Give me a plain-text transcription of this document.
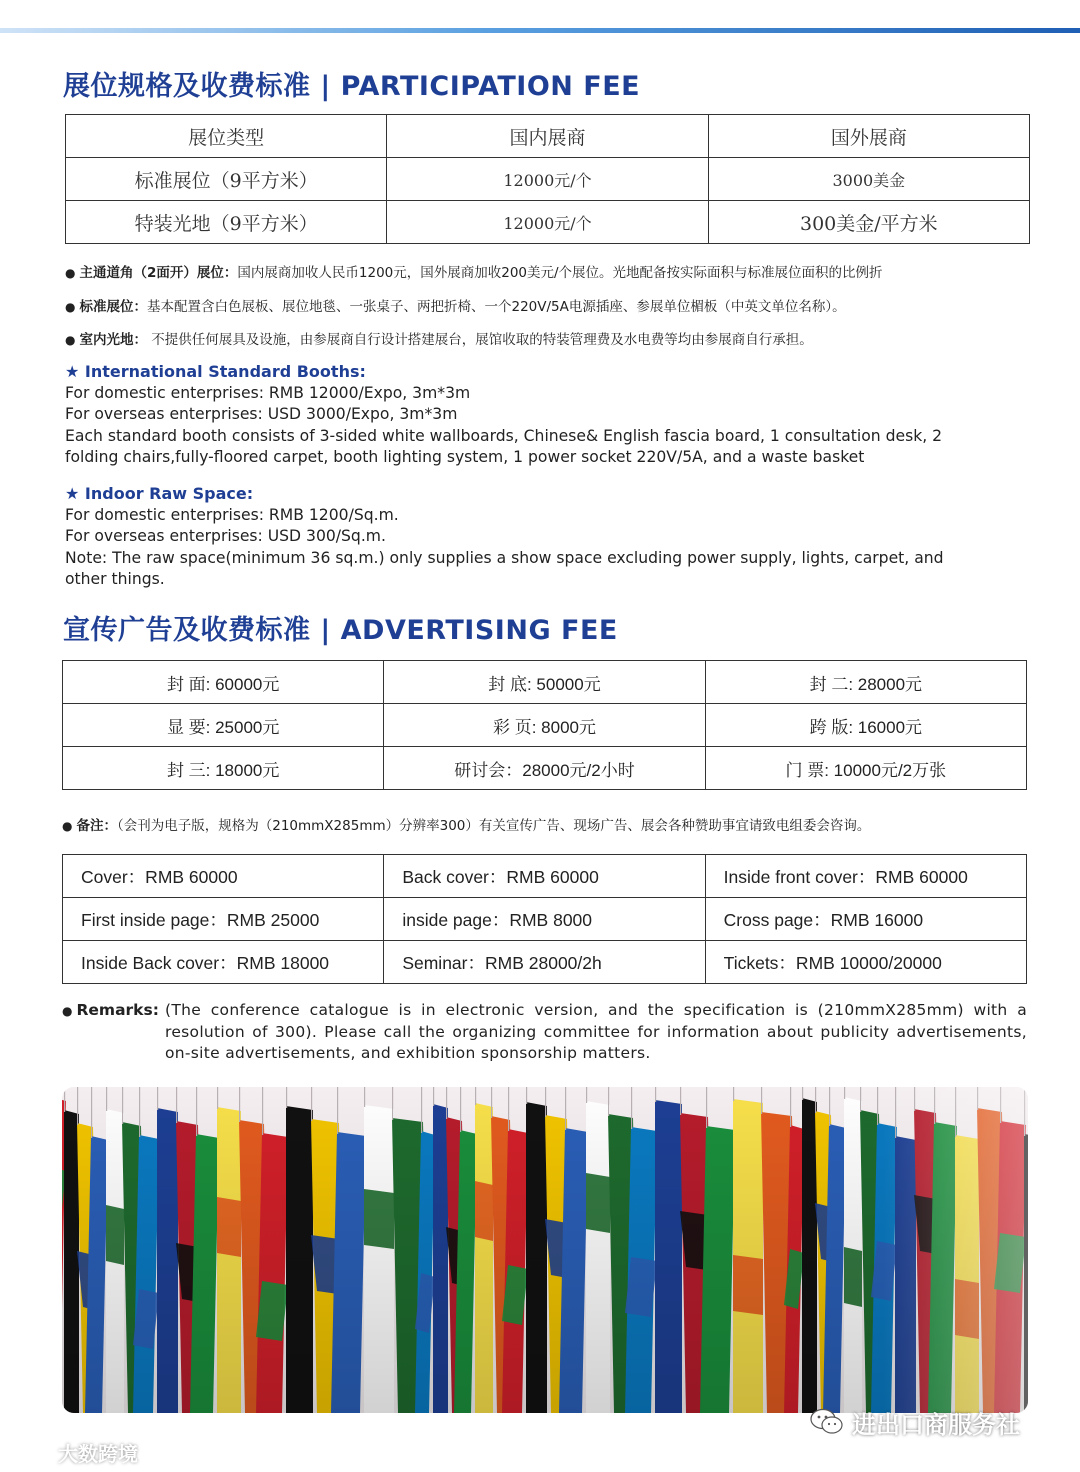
展位规格及收费标准 | PARTICIPATION FEE
展位类型	国内展商	国外展商
标准展位（9平方米）	12000元/个	3000美金
特装光地（9平方米）	12000元/个	300美金/平方米

● 主通道角（2面开）展位：国内展商加收人民币1200元，国外展商加收200美元/个展位。光地配备按实际面积与标准展位面积的比例折

● 标准展位：基本配置含白色展板、展位地毯、一张桌子、两把折椅、一个220V/5A电源插座、参展单位楣板（中英文单位名称）。

● 室内光地： 不提供任何展具及设施，由参展商自行设计搭建展台，展馆收取的特装管理费及水电费等均由参展商自行承担。

★ International Standard Booths:

For domestic enterprises: RMB 12000/Expo, 3m*3m

For overseas enterprises: USD 3000/Expo, 3m*3m

Each standard booth consists of 3-sided white wallboards, Chinese& English fascia board, 1 consultation desk, 2

folding chairs,fully-floored carpet, booth lighting system, 1 power socket 220V/5A, and a waste basket

★ Indoor Raw Space:

For domestic enterprises: RMB 1200/Sq.m.

For overseas enterprises: USD 300/Sq.m.

Note: The raw space(minimum 36 sq.m.) only supplies a show space excluding power supply, lights, carpet, and

other things.

宣传广告及收费标准 | ADVERTISING FEE
封 面: 60000元	封 底: 50000元	封 二: 28000元
显 要: 25000元	彩 页: 8000元	跨 版: 16000元
封 三: 18000元	研讨会：28000元/2小时	门 票: 10000元/2万张

● 备注：（会刊为电子版，规格为（210mmX285mm）分辨率300）有关宣传广告、现场广告、展会各种赞助事宜请致电组委会咨询。

Cover：RMB 60000	Back cover：RMB 60000	Inside front cover：RMB 60000
First inside page：RMB 25000	inside page：RMB 8000	Cross page：RMB 16000
Inside Back cover：RMB 18000	Seminar：RMB 28000/2h	Tickets：RMB 10000/20000
● Remarks: (The conference catalogue is in electronic version, and the specification is (210mmX285mm) with a resolution of 300). Please call the organizing committee for information about publicity advertisements, on-site advertisements, and exhibition sponsorship matters.
进出口商服务社
大数跨境
